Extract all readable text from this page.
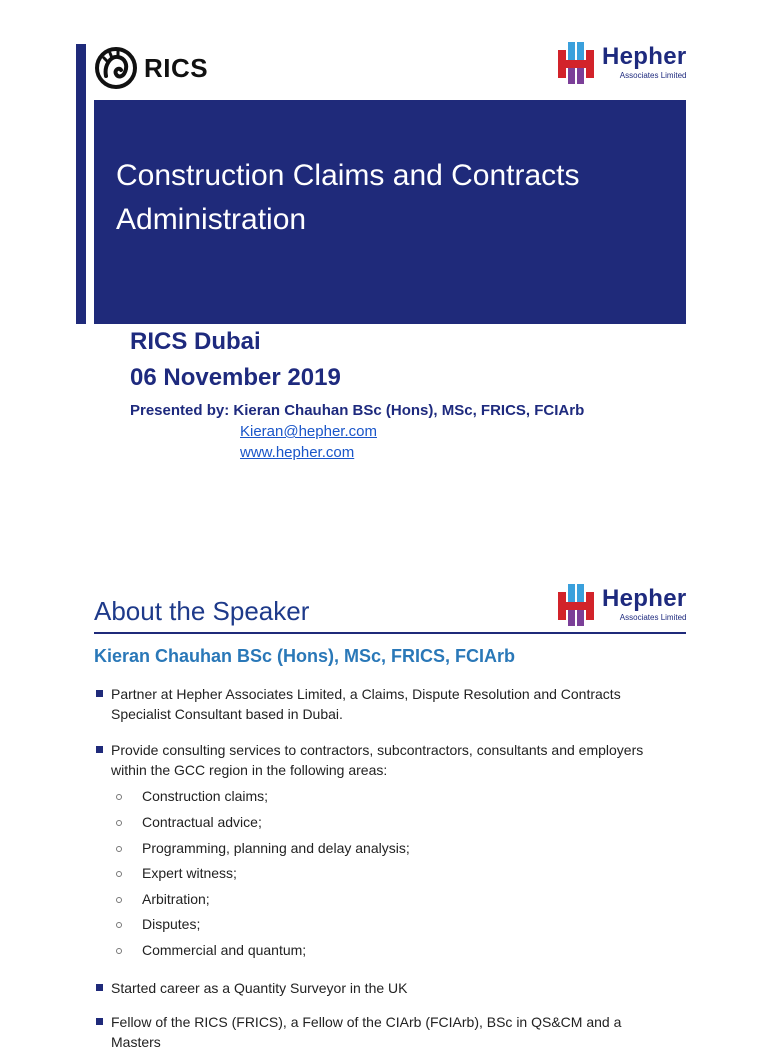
RICS	Hepher
Associates Limited
Construction Claims and Contracts Administration
RICS Dubai
06 November 2019
Presented by: Kieran Chauhan BSc (Hons), MSc, FRICS, FCIArb
Kieran@hepher.com
www.hepher.com
Hepher
Associates Limited
About the Speaker
Kieran Chauhan BSc (Hons), MSc, FRICS, FCIArb
Partner at Hepher Associates Limited, a Claims, Dispute Resolution and Contracts Specialist Consultant based in Dubai.
Provide consulting services to contractors, subcontractors, consultants and employers within the GCC region in the following areas:
Construction claims;
Contractual advice;
Programming, planning and delay analysis;
Expert witness;
Arbitration;
Disputes;
Commercial and quantum;
Started career as a Quantity Surveyor in the UK
Fellow of the RICS (FRICS), a Fellow of the CIArb (FCIArb), BSc in QS&CM and a Masters
